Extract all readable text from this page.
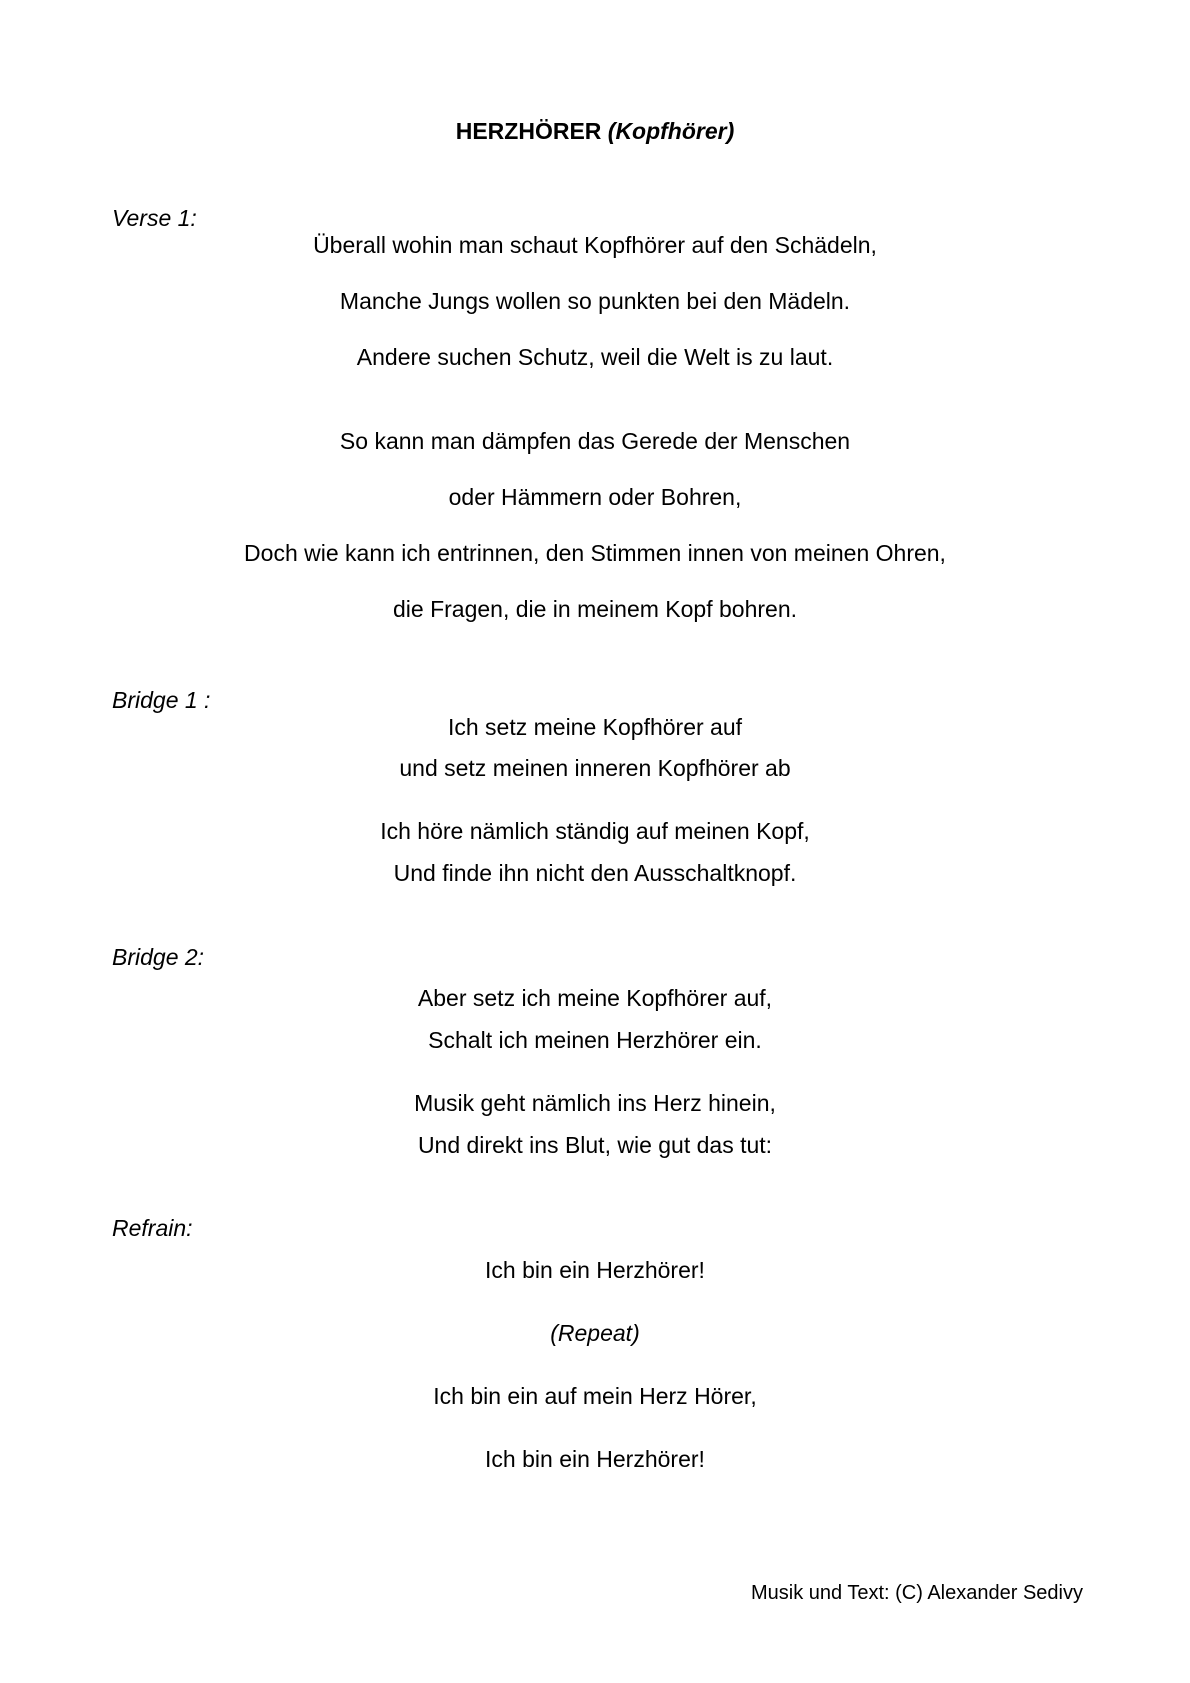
HERZHÖRER (Kopfhörer)
Verse 1:
Überall wohin man schaut Kopfhörer auf den Schädeln,
Manche Jungs wollen so punkten bei den Mädeln.
Andere suchen Schutz, weil die Welt is zu laut.
So kann man dämpfen das Gerede der Menschen
oder Hämmern oder Bohren,
Doch wie kann ich entrinnen, den Stimmen innen von meinen Ohren,
die Fragen, die in meinem Kopf bohren.
Bridge 1 :
Ich setz meine Kopfhörer auf
und setz meinen inneren Kopfhörer ab
Ich höre nämlich ständig auf meinen Kopf,
Und finde ihn nicht den Ausschaltknopf.
Bridge 2:
Aber setz ich meine Kopfhörer auf,
Schalt ich meinen Herzhörer ein.
Musik geht nämlich ins Herz hinein,
Und direkt ins Blut, wie gut das tut:
Refrain:
Ich bin ein Herzhörer!
(Repeat)
Ich bin ein auf mein Herz Hörer,
Ich bin ein Herzhörer!
Musik und Text: (C) Alexander Sedivy
